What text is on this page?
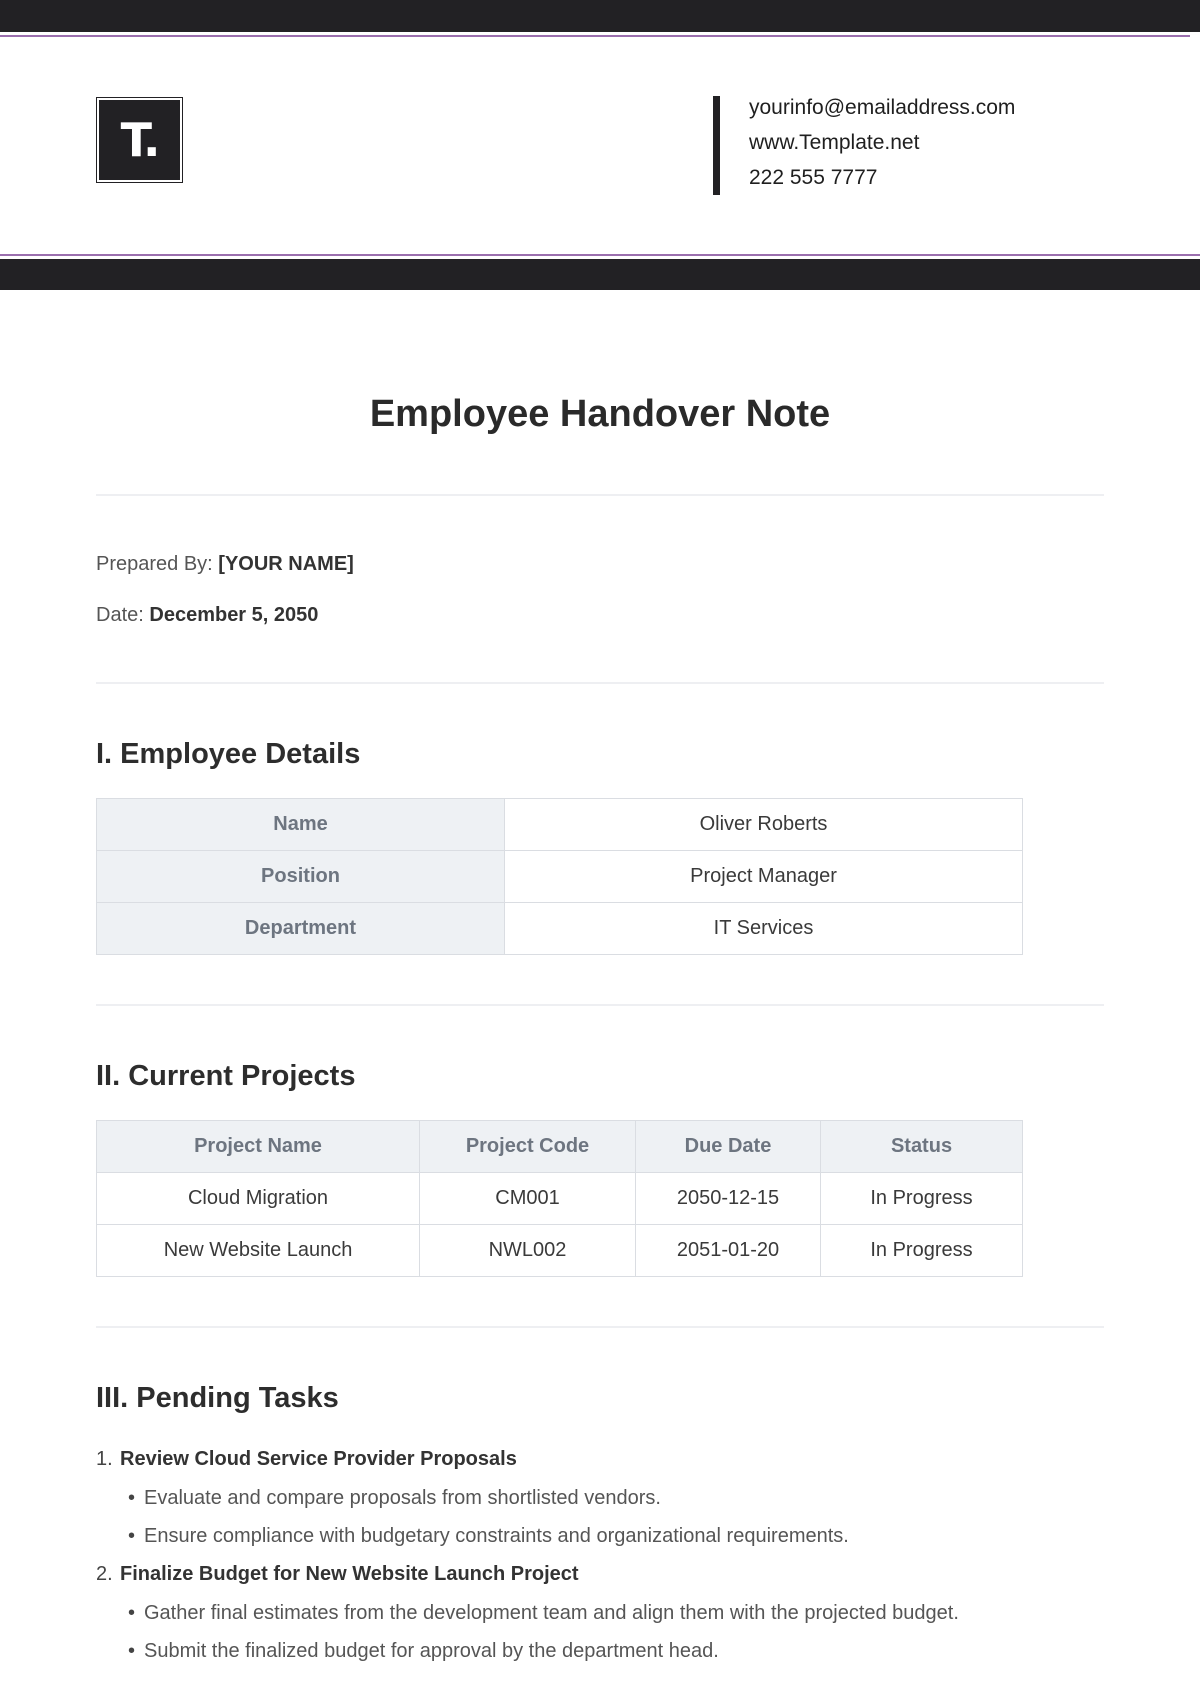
T.
yourinfo@emailaddress.com
www.Template.net
222 555 7777
Employee Handover Note
Prepared By: [YOUR NAME]
Date: December 5, 2050
I. Employee Details
Name	Oliver Roberts
Position	Project Manager
Department	IT Services
II. Current Projects
Project Name	Project Code	Due Date	Status
Cloud Migration	CM001	2050-12-15	In Progress
New Website Launch	NWL002	2051-01-20	In Progress
III. Pending Tasks
1. Review Cloud Service Provider Proposals
• Evaluate and compare proposals from shortlisted vendors.
• Ensure compliance with budgetary constraints and organizational requirements.
2. Finalize Budget for New Website Launch Project
• Gather final estimates from the development team and align them with the projected budget.
• Submit the finalized budget for approval by the department head.
